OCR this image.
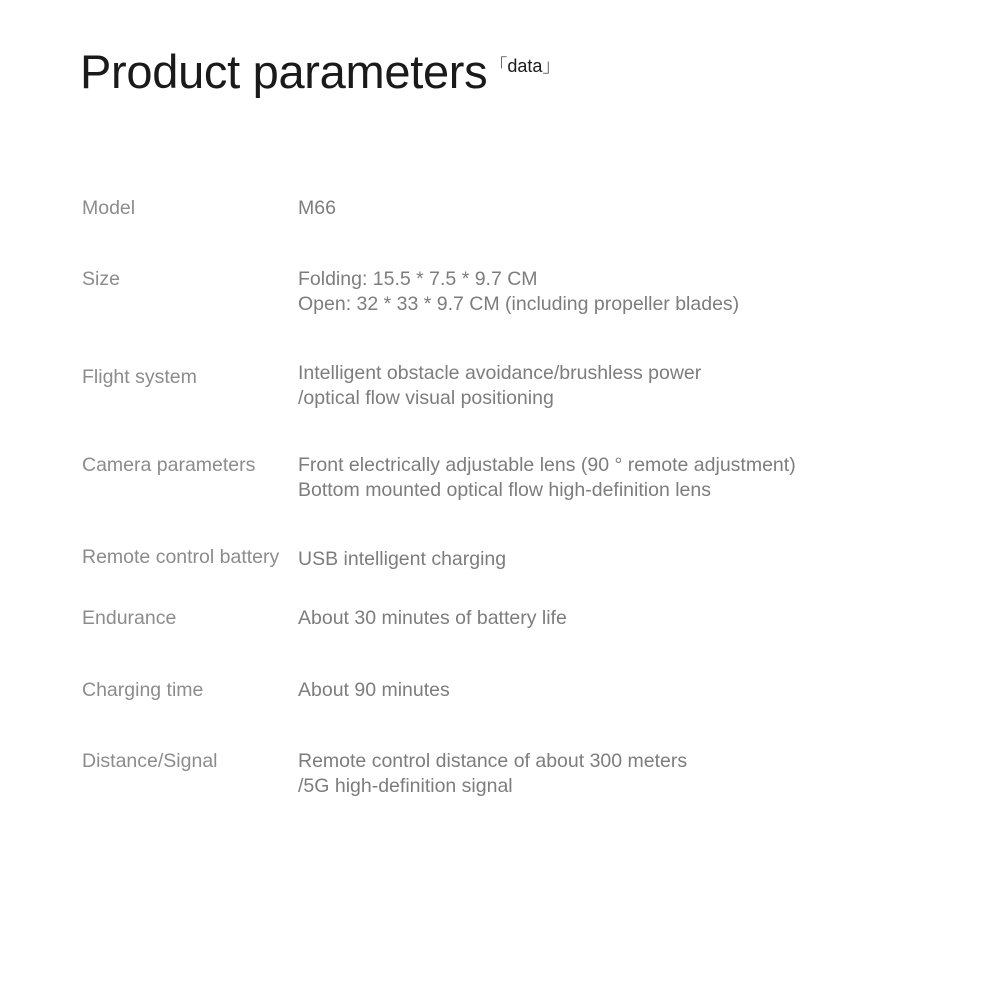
Product parameters 「data」
Model	M66

Size	Folding: 15.5 * 7.5 * 9.7 CM
Open: 32 * 33 * 9.7 CM (including propeller blades)

Flight system	Intelligent obstacle avoidance/brushless power
/optical flow visual positioning

Camera parameters	Front electrically adjustable lens (90 ° remote adjustment)
Bottom mounted optical flow high-definition lens

Remote control battery	USB intelligent charging

Endurance	About 30 minutes of battery life

Charging time	About 90 minutes

Distance/Signal	Remote control distance of about 300 meters
/5G high-definition signal
